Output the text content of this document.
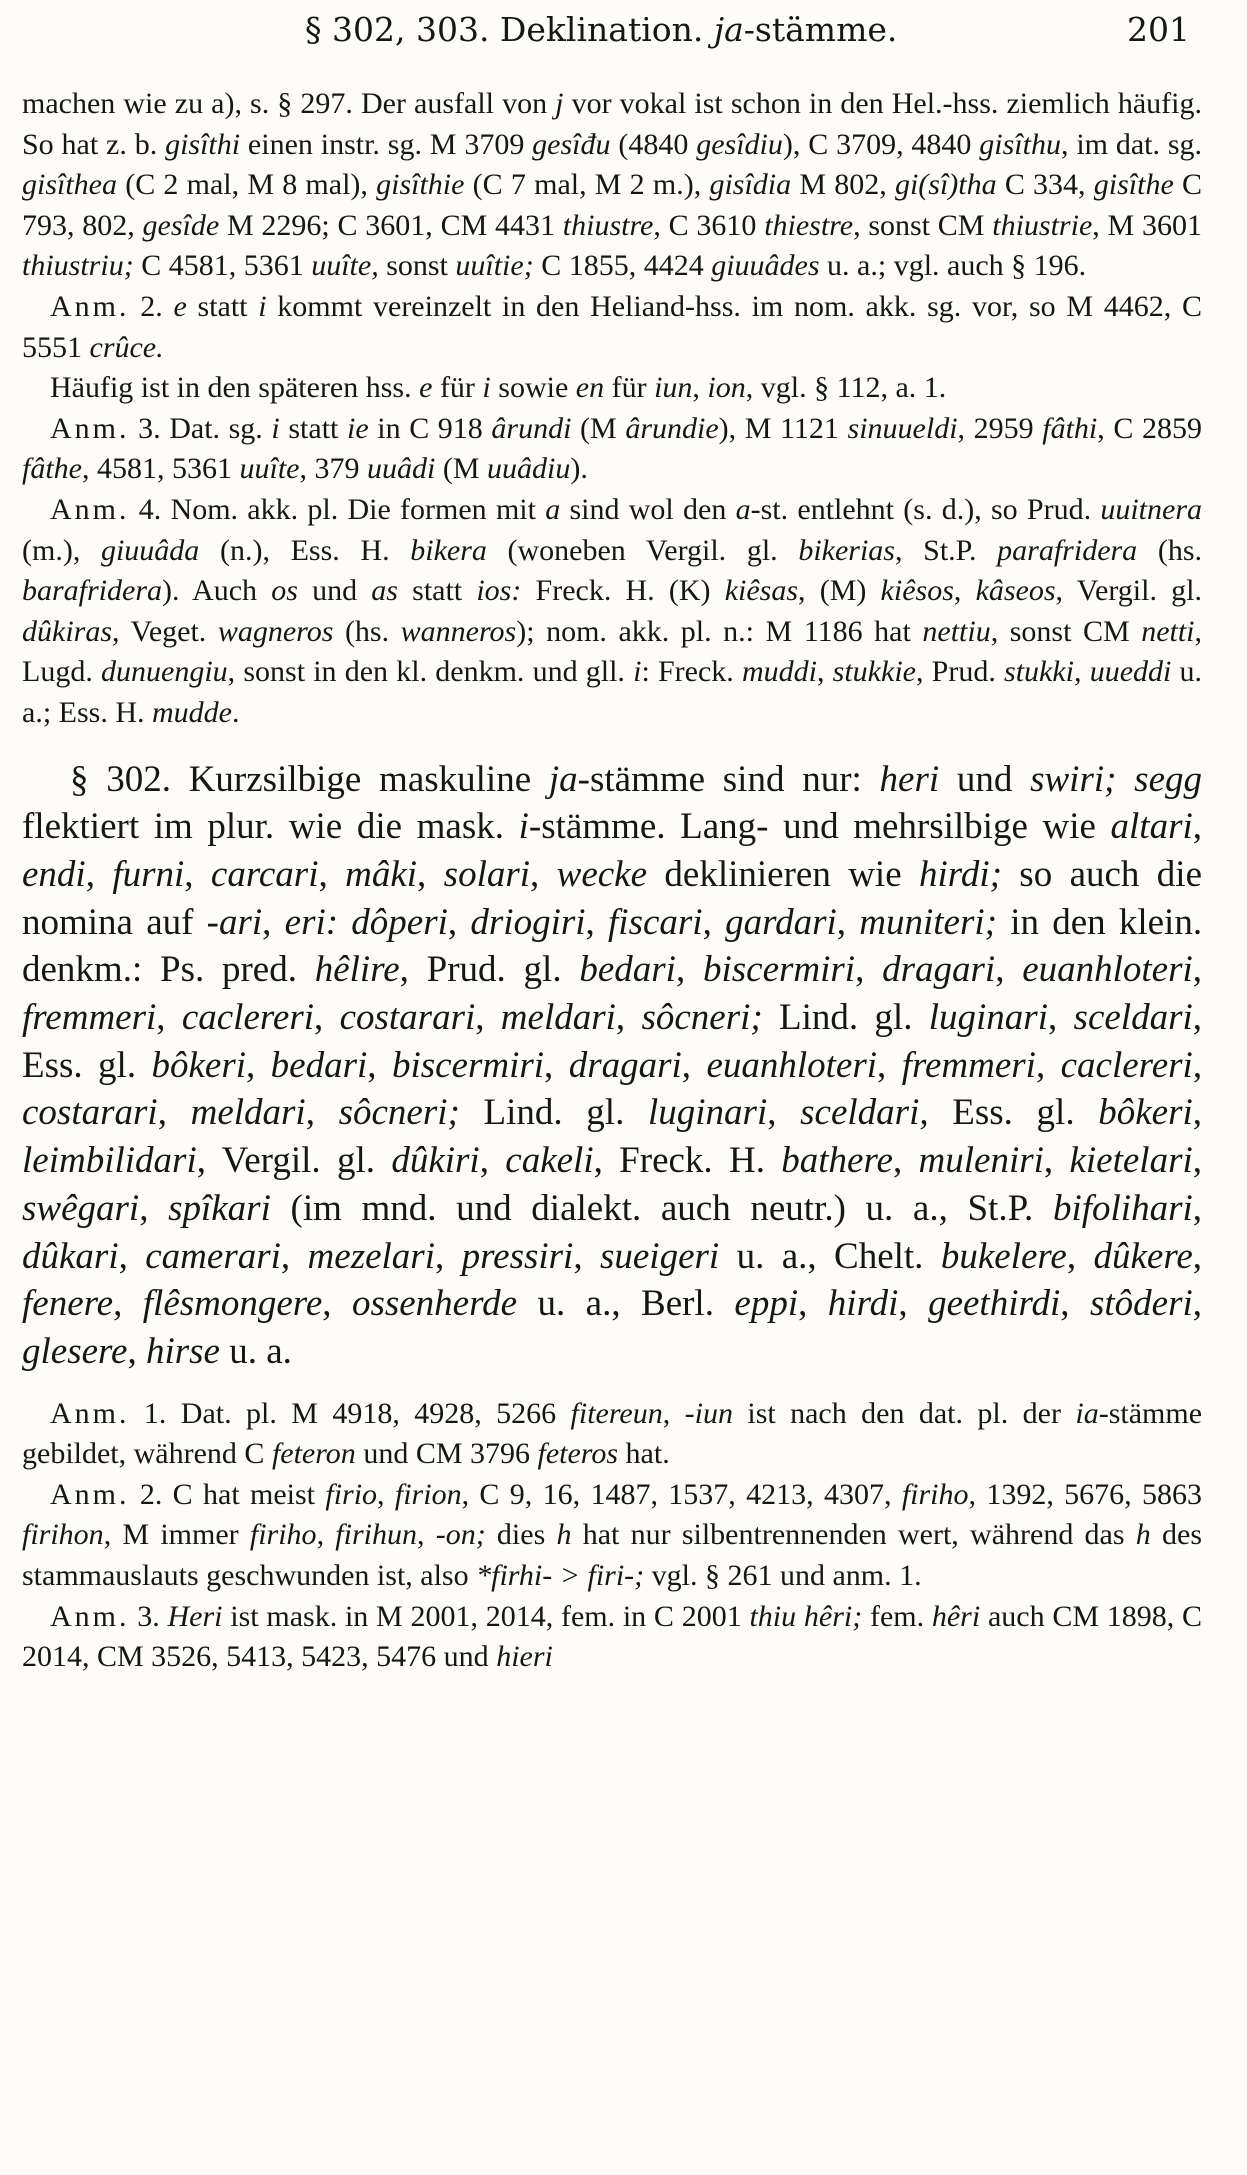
§ 302, 303. Deklination. ja-stämme.	201

machen wie zu a), s. § 297. Der ausfall von j vor vokal ist schon in den Hel.-hss. ziemlich häufig. So hat z. b. gisîthi einen instr. sg. M 3709 gesîđu (4840 gesîdiu), C 3709, 4840 gisîthu, im dat. sg. gisîthea (C 2 mal, M 8 mal), gisîthie (C 7 mal, M 2 m.), gisîdia M 802, gi(sî)tha C 334, gisîthe C 793, 802, gesîde M 2296; C 3601, CM 4431 thiustre, C 3610 thiestre, sonst CM thiustrie, M 3601 thiustriu; C 4581, 5361 uuîte, sonst uuîtie; C 1855, 4424 giuuâdes u. a.; vgl. auch § 196.

Anm. 2. e statt i kommt vereinzelt in den Heliand-hss. im nom. akk. sg. vor, so M 4462, C 5551 crûce.

Häufig ist in den späteren hss. e für i sowie en für iun, ion, vgl. § 112, a. 1.

Anm. 3. Dat. sg. i statt ie in C 918 ârundi (M ârundie), M 1121 sinuueldi, 2959 fâthi, C 2859 fâthe, 4581, 5361 uuîte, 379 uuâdi (M uuâdiu).

Anm. 4. Nom. akk. pl. Die formen mit a sind wol den a-st. entlehnt (s. d.), so Prud. uuitnera (m.), giuuâda (n.), Ess. H. bikera (woneben Vergil. gl. bikerias, St.P. parafridera (hs. barafridera). Auch os und as statt ios: Freck. H. (K) kiêsas, (M) kiêsos, kâseos, Vergil. gl. dûkiras, Veget. wagneros (hs. wanneros); nom. akk. pl. n.: M 1186 hat nettiu, sonst CM netti, Lugd. dunuengiu, sonst in den kl. denkm. und gll. i: Freck. muddi, stukkie, Prud. stukki, uueddi u. a.; Ess. H. mudde.

§ 302. Kurzsilbige maskuline ja-stämme sind nur: heri und swiri; segg flektiert im plur. wie die mask. i-stämme. Lang- und mehrsilbige wie altari, endi, furni, carcari, mâki, solari, wecke deklinieren wie hirdi; so auch die nomina auf -ari, eri: dôperi, driogiri, fiscari, gardari, muniteri; in den klein. denkm.: Ps. pred. hêlire, Prud. gl. bedari, biscermiri, dragari, euanhloteri, fremmeri, caclereri, costarari, meldari, sôcneri; Lind. gl. luginari, sceldari, Ess. gl. bôkeri, bedari, biscermiri, dragari, euanhloteri, fremmeri, caclereri, costarari, meldari, sôcneri; Lind. gl. luginari, sceldari, Ess. gl. bôkeri, leimbilidari, Vergil. gl. dûkiri, cakeli, Freck. H. bathere, muleniri, kietelari, swêgari, spîkari (im mnd. und dialekt. auch neutr.) u. a., St.P. bifolihari, dûkari, camerari, mezelari, pressiri, sueigeri u. a., Chelt. bukelere, dûkere, fenere, flêsmongere, ossenherde u. a., Berl. eppi, hirdi, geethirdi, stôderi, glesere, hirse u. a.

Anm. 1. Dat. pl. M 4918, 4928, 5266 fitereun, -iun ist nach den dat. pl. der ia-stämme gebildet, während C feteron und CM 3796 feteros hat.

Anm. 2. C hat meist firio, firion, C 9, 16, 1487, 1537, 4213, 4307, firiho, 1392, 5676, 5863 firihon, M immer firiho, firihun, -on; dies h hat nur silbentrennenden wert, während das h des stammauslauts geschwunden ist, also *firhi- > firi-; vgl. § 261 und anm. 1.

Anm. 3. Heri ist mask. in M 2001, 2014, fem. in C 2001 thiu hêri; fem. hêri auch CM 1898, C 2014, CM 3526, 5413, 5423, 5476 und hieri
